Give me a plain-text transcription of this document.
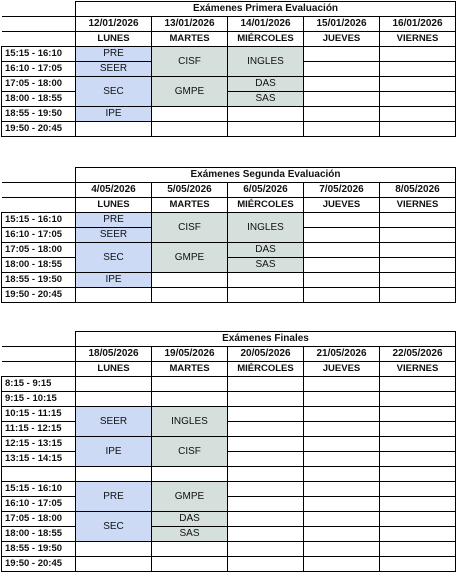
	Exámenes Primera Evaluación				
	12/01/2026	13/01/2026	14/01/2026	15/01/2026	16/01/2026
	LUNES	MARTES	MIÉRCOLES	JUEVES	VIERNES
15:15 - 16:10	PRE	CISF	INGLES		
16:10 - 17:05	SEER				
17:05 - 18:00	SEC	GMPE	DAS		
18:00 - 18:55			SAS		
18:55 - 19:50	IPE				
19:50 - 20:45					
	Exámenes Segunda Evaluación				
	4/05/2026	5/05/2026	6/05/2026	7/05/2026	8/05/2026
	LUNES	MARTES	MIÉRCOLES	JUEVES	VIERNES
15:15 - 16:10	PRE	CISF	INGLES		
16:10 - 17:05	SEER				
17:05 - 18:00	SEC	GMPE	DAS		
18:00 - 18:55			SAS		
18:55 - 19:50	IPE				
19:50 - 20:45					
	Exámenes Finales				
	18/05/2026	19/05/2026	20/05/2026	21/05/2026	22/05/2026
	LUNES	MARTES	MIÉRCOLES	JUEVES	VIERNES
8:15 - 9:15					
9:15 - 10:15					
10:15 - 11:15	SEER	INGLES			
11:15 - 12:15					
12:15 - 13:15	IPE	CISF			
13:15 - 14:15					

15:15 - 16:10	PRE	GMPE			
16:10 - 17:05					
17:05 - 18:00	SEC	DAS			
18:00 - 18:55		SAS			
18:55 - 19:50					
19:50 - 20:45					
